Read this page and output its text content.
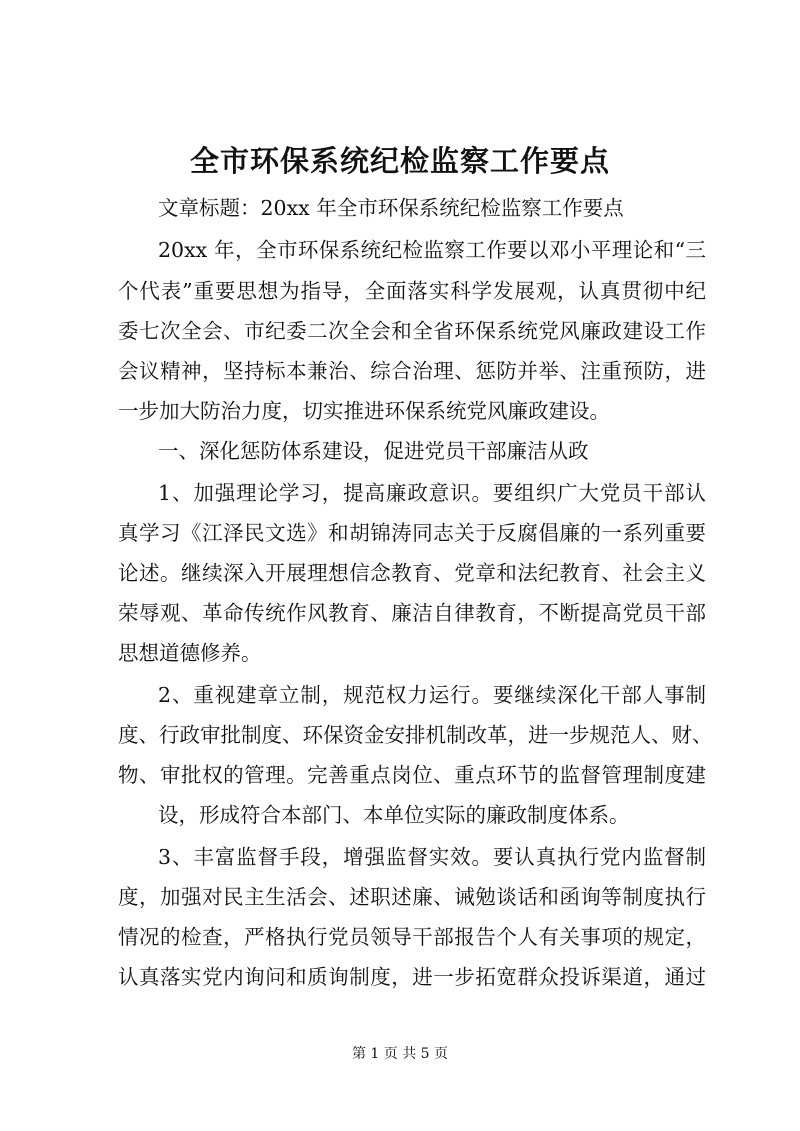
全市环保系统纪检监察工作要点
文章标题：20xx 年全市环保系统纪检监察工作要点
20xx 年，全市环保系统纪检监察工作要以邓小平理论和“三
个代表”重要思想为指导，全面落实科学发展观，认真贯彻中纪
委七次全会、市纪委二次全会和全省环保系统党风廉政建设工作
会议精神，坚持标本兼治、综合治理、惩防并举、注重预防，进
一步加大防治力度，切实推进环保系统党风廉政建设。
一、深化惩防体系建设，促进党员干部廉洁从政
1、加强理论学习，提高廉政意识。要组织广大党员干部认
真学习《江泽民文选》和胡锦涛同志关于反腐倡廉的一系列重要
论述。继续深入开展理想信念教育、党章和法纪教育、社会主义
荣辱观、革命传统作风教育、廉洁自律教育，不断提高党员干部
思想道德修养。
2、重视建章立制，规范权力运行。要继续深化干部人事制
度、行政审批制度、环保资金安排机制改革，进一步规范人、财、
物、审批权的管理。完善重点岗位、重点环节的监督管理制度建
设，形成符合本部门、本单位实际的廉政制度体系。
3、丰富监督手段，增强监督实效。要认真执行党内监督制
度，加强对民主生活会、述职述廉、诫勉谈话和函询等制度执行
情况的检查，严格执行党员领导干部报告个人有关事项的规定，
认真落实党内询问和质询制度，进一步拓宽群众投诉渠道，通过
第 1 页 共 5 页
